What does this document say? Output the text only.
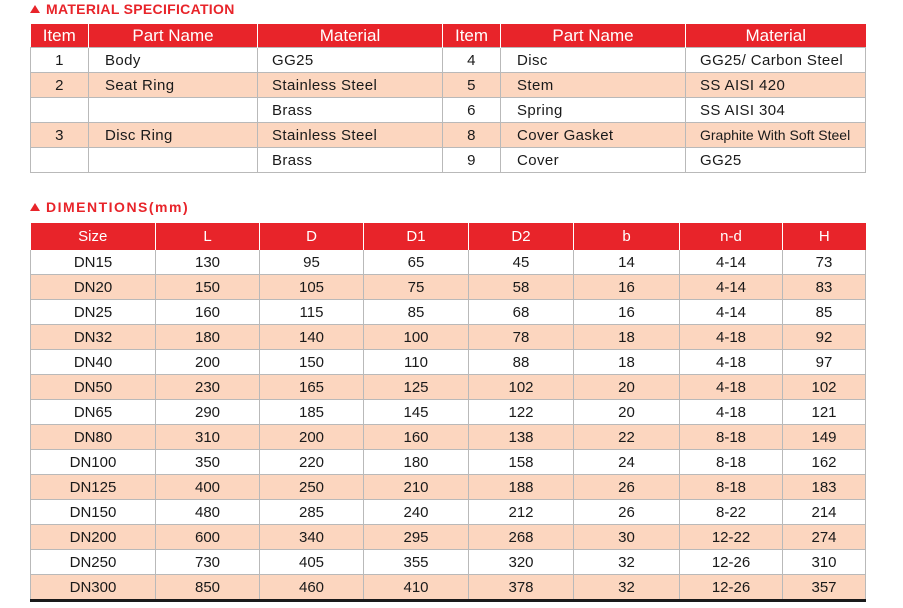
MATERIAL SPECIFICATION
Item	Part Name	Material	Item	Part Name	Material
1	Body	GG25	4	Disc	GG25/ Carbon Steel
2	Seat Ring	Stainless Steel	5	Stem	SS AISI 420
		Brass	6	Spring	SS AISI 304
3	Disc Ring	Stainless Steel	8	Cover Gasket	Graphite With Soft Steel
		Brass	9	Cover	GG25
DIMENTIONS(mm)
Size	L	D	D1	D2	b	n-d	H
DN15	130	95	65	45	14	4-14	73
DN20	150	105	75	58	16	4-14	83
DN25	160	115	85	68	16	4-14	85
DN32	180	140	100	78	18	4-18	92
DN40	200	150	110	88	18	4-18	97
DN50	230	165	125	102	20	4-18	102
DN65	290	185	145	122	20	4-18	121
DN80	310	200	160	138	22	8-18	149
DN100	350	220	180	158	24	8-18	162
DN125	400	250	210	188	26	8-18	183
DN150	480	285	240	212	26	8-22	214
DN200	600	340	295	268	30	12-22	274
DN250	730	405	355	320	32	12-26	310
DN300	850	460	410	378	32	12-26	357
